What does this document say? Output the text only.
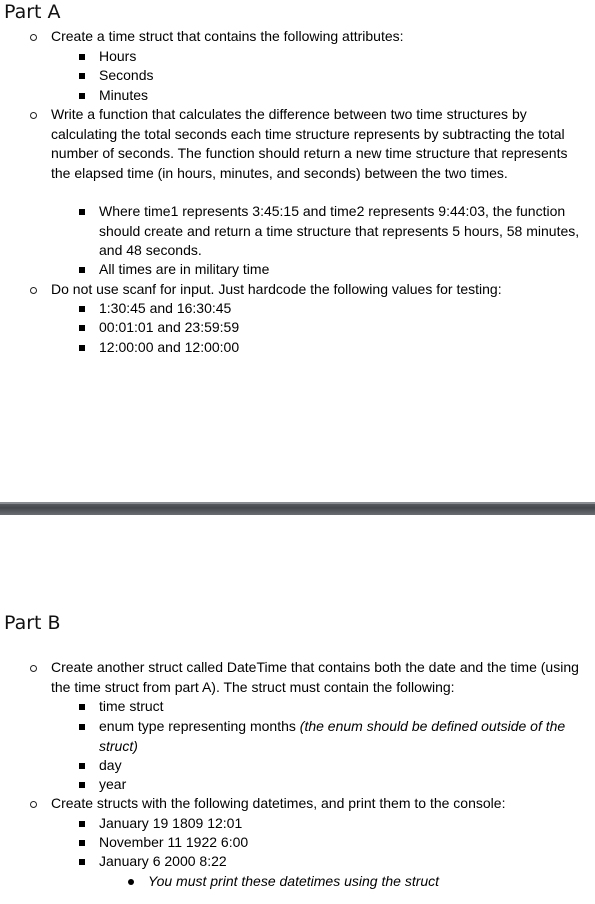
Part A
Create a time struct that contains the following attributes:
Hours
Seconds
Minutes
Write a function that calculates the difference between two time structures by calculating the total seconds each time structure represents by subtracting the total number of seconds. The function should return a new time structure that represents the elapsed time (in hours, minutes, and seconds) between the two times.
Where time1 represents 3:45:15 and time2 represents 9:44:03, the function should create and return a time structure that represents 5 hours, 58 minutes, and 48 seconds.
All times are in military time
Do not use scanf for input. Just hardcode the following values for testing:
1:30:45 and 16:30:45
00:01:01 and 23:59:59
12:00:00 and 12:00:00
Part B
Create another struct called DateTime that contains both the date and the time (using the time struct from part A). The struct must contain the following:
time struct
enum type representing months (the enum should be defined outside of the struct)
day
year
Create structs with the following datetimes, and print them to the console:
January 19 1809 12:01
November 11 1922 6:00
January 6 2000 8:22
You must print these datetimes using the struct
